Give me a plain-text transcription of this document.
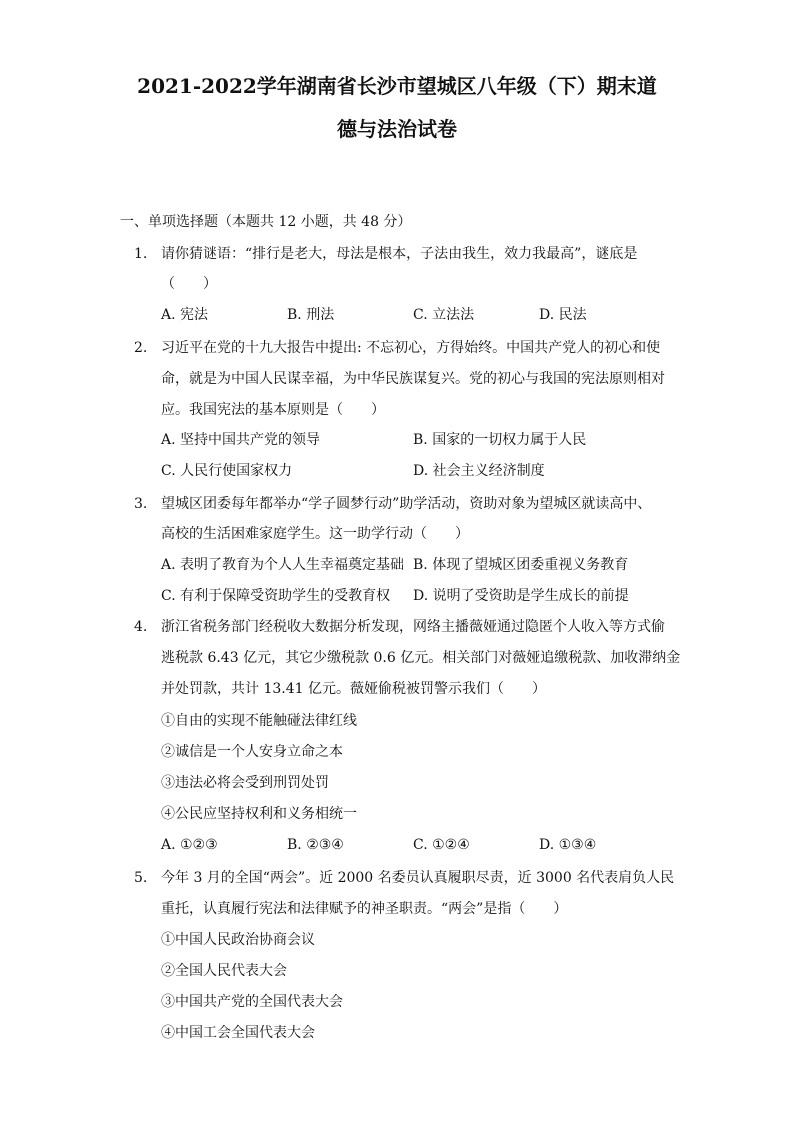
2021-2022学年湖南省长沙市望城区八年级（下）期末道
德与法治试卷
一、单项选择题（本题共 12 小题，共 48 分）
1. 请你猜谜语：“排行是老大，母法是根本，子法由我生，效力我最高”，谜底是
（　　）
A. 宪法	B. 刑法	C. 立法法	D. 民法
2. 习近平在党的十九大报告中提出: 不忘初心，方得始终。中国共产党人的初心和使
命，就是为中国人民谋幸福，为中华民族谋复兴。党的初心与我国的宪法原则相对
应。我国宪法的基本原则是（　　）
A. 坚持中国共产党的领导	B. 国家的一切权力属于人民
C. 人民行使国家权力	D. 社会主义经济制度
3. 望城区团委每年都举办“学子圆梦行动”助学活动，资助对象为望城区就读高中、
高校的生活困难家庭学生。这一助学行动（　　）
A. 表明了教育为个人人生幸福奠定基础 B. 体现了望城区团委重视义务教育
C. 有利于保障受资助学生的受教育权 D. 说明了受资助是学生成长的前提
4. 浙江省税务部门经税收大数据分析发现，网络主播薇娅通过隐匿个人收入等方式偷
逃税款 6.43 亿元，其它少缴税款 0.6 亿元。相关部门对薇娅追缴税款、加收滞纳金
并处罚款，共计 13.41 亿元。薇娅偷税被罚警示我们（　　）
①自由的实现不能触碰法律红线
②诚信是一个人安身立命之本
③违法必将会受到刑罚处罚
④公民应坚持权利和义务相统一
A. ①②③	B. ②③④	C. ①②④	D. ①③④
5. 今年 3 月的全国“两会”。近 2000 名委员认真履职尽责，近 3000 名代表肩负人民
重托，认真履行宪法和法律赋予的神圣职责。“两会”是指（　　）
①中国人民政治协商会议
②全国人民代表大会
③中国共产党的全国代表大会
④中国工会全国代表大会
